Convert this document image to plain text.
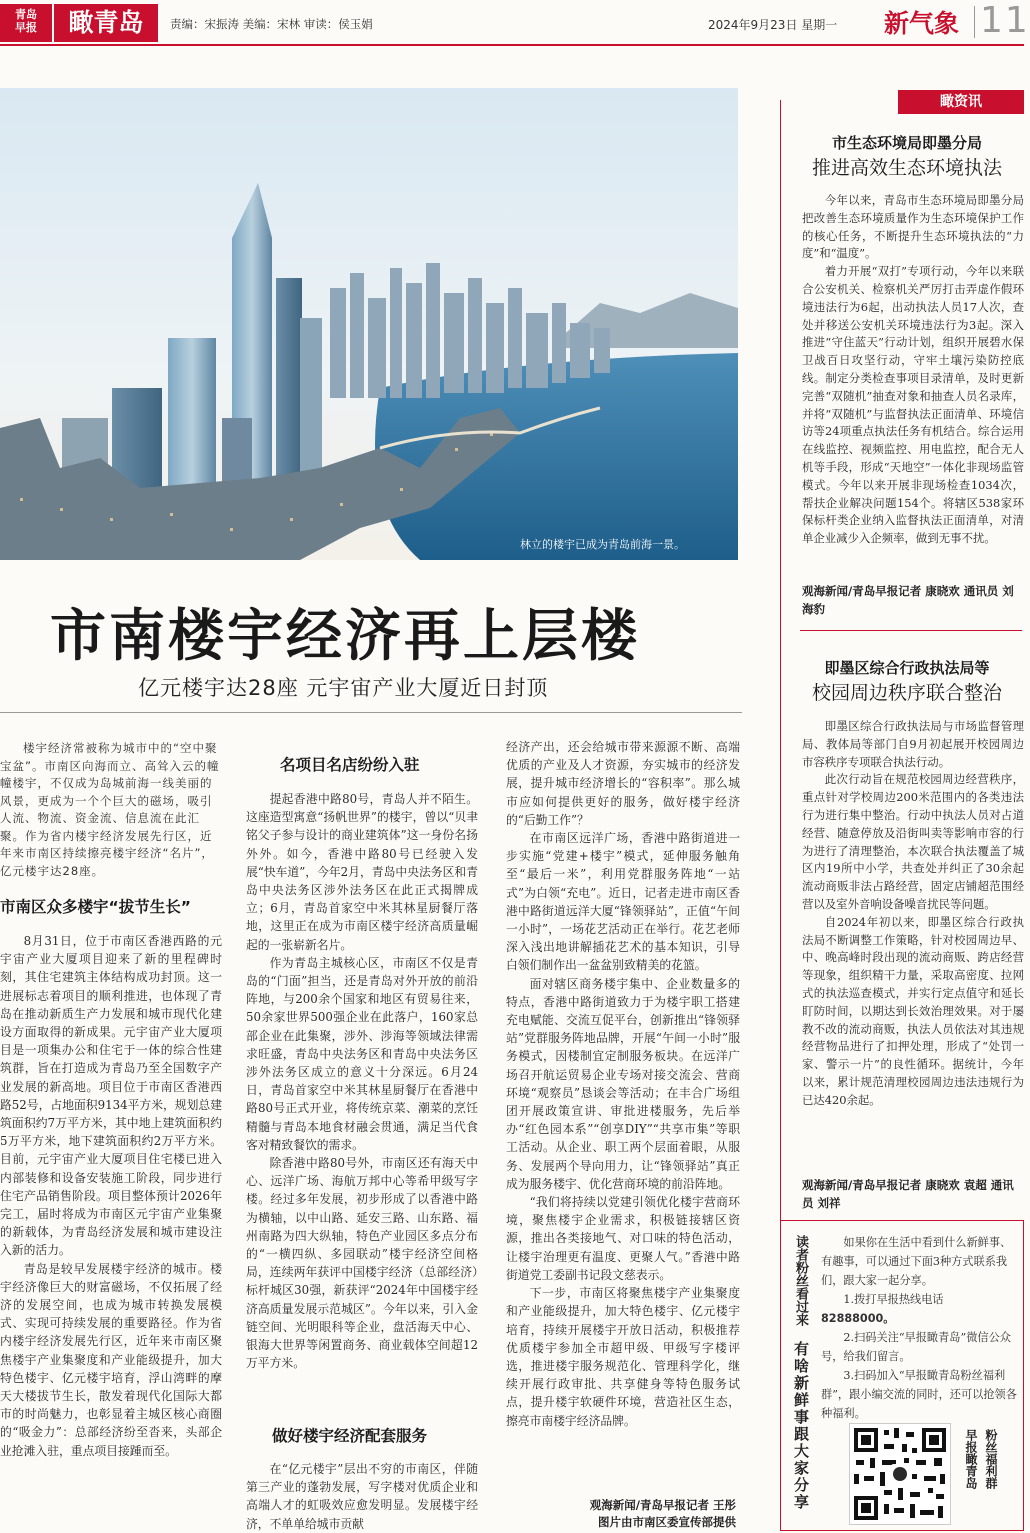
青岛
早报	瞰青岛	责编：宋振涛 美编：宋林 审读：侯玉娟	2024年9月23日 星期一 新气象 11
林立的楼宇已成为青岛前海一景。
市南楼宇经济再上层楼
亿元楼宇达28座 元宇宙产业大厦近日封顶

楼宇经济常被称为城市中的“空中聚宝盆”。市南区向海而立、高耸入云的幢幢楼宇，不仅成为岛城前海一线美丽的风景，更成为一个个巨大的磁场，吸引人流、物流、资金流、信息流在此汇聚。作为省内楼宇经济发展先行区，近年来市南区持续擦亮楼宇经济“名片”，亿元楼宇达28座。

市南区众多楼宇“拔节生长”

8月31日，位于市南区香港西路的元宇宙产业大厦项目迎来了新的里程碑时刻，其住宅建筑主体结构成功封顶。这一进展标志着项目的顺利推进，也体现了青岛在推动新质生产力发展和城市现代化建设方面取得的新成果。元宇宙产业大厦项目是一项集办公和住宅于一体的综合性建筑群，旨在打造成为青岛乃至全国数字产业发展的新高地。项目位于市南区香港西路52号，占地面积9134平方米，规划总建筑面积约7万平方米，其中地上建筑面积约5万平方米，地下建筑面积约2万平方米。目前，元宇宙产业大厦项目住宅楼已进入内部装修和设备安装施工阶段，同步进行住宅产品销售阶段。项目整体预计2026年完工，届时将成为市南区元宇宙产业集聚的新载体，为青岛经济发展和城市建设注入新的活力。

青岛是较早发展楼宇经济的城市。楼宇经济像巨大的财富磁场，不仅拓展了经济的发展空间，也成为城市转换发展模式、实现可持续发展的重要路径。作为省内楼宇经济发展先行区，近年来市南区聚焦楼宇产业集聚度和产业能级提升，加大特色楼宇、亿元楼宇培育，浮山湾畔的摩天大楼拔节生长，散发着现代化国际大都市的时尚魅力，也彰显着主城区核心商圈的“吸金力”：总部经济纷至沓来，头部企业抢滩入驻，重点项目接踵而至。

名项目名店纷纷入驻

提起香港中路80号，青岛人并不陌生。这座造型寓意“扬帆世界”的楼宇，曾以“贝聿铭父子参与设计的商业建筑体”这一身份名扬外外。如今，香港中路80号已经驶入发展“快车道”，今年2月，青岛中央法务区和青岛中央法务区涉外法务区在此正式揭牌成立；6月，青岛首家空中米其林星厨餐厅落地，这里正在成为市南区楼宇经济高质量崛起的一张崭新名片。

作为青岛主城核心区，市南区不仅是青岛的“门面”担当，还是青岛对外开放的前沿阵地，与200余个国家和地区有贸易往来，50余家世界500强企业在此落户，160家总部企业在此集聚，涉外、涉海等领域法律需求旺盛，青岛中央法务区和青岛中央法务区涉外法务区成立的意义十分深远。6月24日，青岛首家空中米其林星厨餐厅在香港中路80号正式开业，将传统京菜、潮菜的烹饪精髓与青岛本地食材融会贯通，满足当代食客对精致餐饮的需求。

除香港中路80号外，市南区还有海天中心、远洋广场、海航万邦中心等希甲级写字楼。经过多年发展，初步形成了以香港中路为横轴，以中山路、延安三路、山东路、福州南路为四大纵轴，特色产业园区多点分布的“一横四纵、多园联动”楼宇经济空间格局，连续两年获评中国楼宇经济（总部经济）标杆城区30强，新获评“2024年中国楼宇经济高质量发展示范城区”。今年以来，引入金链空间、光明眼科等企业，盘活海天中心、银海大世界等闲置商务、商业载体空间超12万平方米。

做好楼宇经济配套服务

在“亿元楼宇”层出不穷的市南区，伴随第三产业的蓬勃发展，写字楼对优质企业和高端人才的虹吸效应愈发明显。发展楼宇经济，不单单给城市贡献

经济产出，还会给城市带来源源不断、高端优质的产业及人才资源，夯实城市的经济发展，提升城市经济增长的“容积率”。那么城市应如何提供更好的服务，做好楼宇经济的“后勤工作”？

在市南区远洋广场，香港中路街道进一步实施“党建+楼宇”模式，延伸服务触角至“最后一米”，利用党群服务阵地“一站式”为白领“充电”。近日，记者走进市南区香港中路街道远洋大厦“锋领驿站”，正值“午间一小时”，一场花艺活动正在举行。花艺老师深入浅出地讲解插花艺术的基本知识，引导白领们制作出一盆盆别致精美的花篮。

面对辖区商务楼宇集中、企业数量多的特点，香港中路街道致力于为楼宇职工搭建充电赋能、交流互促平台，创新推出“锋领驿站”党群服务阵地品牌，开展“午间一小时”服务模式，因楼制宜定制服务板块。在远洋广场召开航运贸易企业专场对接交流会、营商环境“观察员”恳谈会等活动；在丰合广场组团开展政策宣讲、审批进楼服务，先后举办“红色园本系”“创享DIY”“共享市集”等职工活动。从企业、职工两个层面着眼，从服务、发展两个导向用力，让“锋领驿站”真正成为服务楼宇、优化营商环境的前沿阵地。

“我们将持续以党建引领优化楼宇营商环境，聚焦楼宇企业需求，积极链接辖区资源，推出各类接地气、对口味的特色活动，让楼宇治理更有温度、更聚人气。”香港中路街道党工委副书记段文慈表示。

下一步，市南区将聚焦楼宇产业集聚度和产业能级提升，加大特色楼宇、亿元楼宇培育，持续开展楼宇开放日活动，积极推荐优质楼宇参加全市超甲级、甲级写字楼评选，推进楼宇服务规范化、管理科学化，继续开展行政审批、共享健身等特色服务试点，提升楼宇软硬件环境，营造社区生态，擦亮市南楼宇经济品牌。

观海新闻/青岛早报记者 王彤
图片由市南区委宣传部提供
瞰资讯
市生态环境局即墨分局
推进高效生态环境执法

今年以来，青岛市生态环境局即墨分局把改善生态环境质量作为生态环境保护工作的核心任务，不断提升生态环境执法的“力度”和“温度”。

着力开展“双打”专项行动，今年以来联合公安机关、检察机关严厉打击弄虚作假环境违法行为6起，出动执法人员17人次，查处并移送公安机关环境违法行为3起。深入推进“守住蓝天”行动计划，组织开展碧水保卫战百日攻坚行动，守牢土壤污染防控底线。制定分类检查事项目录清单，及时更新完善“双随机”抽查对象和抽查人员名录库，并将“双随机”与监督执法正面清单、环境信访等24项重点执法任务有机结合。综合运用在线监控、视频监控、用电监控，配合无人机等手段，形成“天地空”一体化非现场监管模式。今年以来开展非现场检查1034次，帮扶企业解决问题154个。将辖区538家环保标杆类企业纳入监督执法正面清单，对清单企业减少入企频率，做到无事不扰。

观海新闻/青岛早报记者 康晓欢 通讯员 刘海豹
即墨区综合行政执法局等
校园周边秩序联合整治

即墨区综合行政执法局与市场监督管理局、教体局等部门自9月初起展开校园周边市容秩序专项联合执法行动。

此次行动旨在规范校园周边经营秩序，重点针对学校周边200米范围内的各类违法行为进行集中整治。行动中执法人员对占道经营、随意停放及沿街叫卖等影响市容的行为进行了清理整治，本次联合执法覆盖了城区内19所中小学，共查处并纠正了30余起流动商贩非法占路经营，固定店铺超范围经营以及室外音响设备噪音扰民等问题。

自2024年初以来，即墨区综合行政执法局不断调整工作策略，针对校园周边早、中、晚高峰时段出现的流动商贩、跨店经营等现象，组织精干力量，采取高密度、拉网式的执法巡查模式，并实行定点值守和延长盯防时间，以期达到长效治理效果。对于屡教不改的流动商贩，执法人员依法对其违规经营物品进行了扣押处理，形成了“处罚一家、警示一片”的良性循环。据统计，今年以来，累计规范清理校园周边违法违规行为已达420余起。

观海新闻/青岛早报记者 康晓欢 袁超 通讯员 刘祥
读者粉丝看过来
有啥新鲜事跟大家分享

如果你在生活中看到什么新鲜事、有趣事，可以通过下面3种方式联系我们，跟大家一起分享。

1.拨打早报热线电话

82888000。

2.扫码关注“早报瞰青岛”微信公众号，给我们留言。

3.扫码加入“早报瞰青岛粉丝福利群”，跟小编交流的同时，还可以抢领各种福利。

早报瞰青岛 粉丝福利群
